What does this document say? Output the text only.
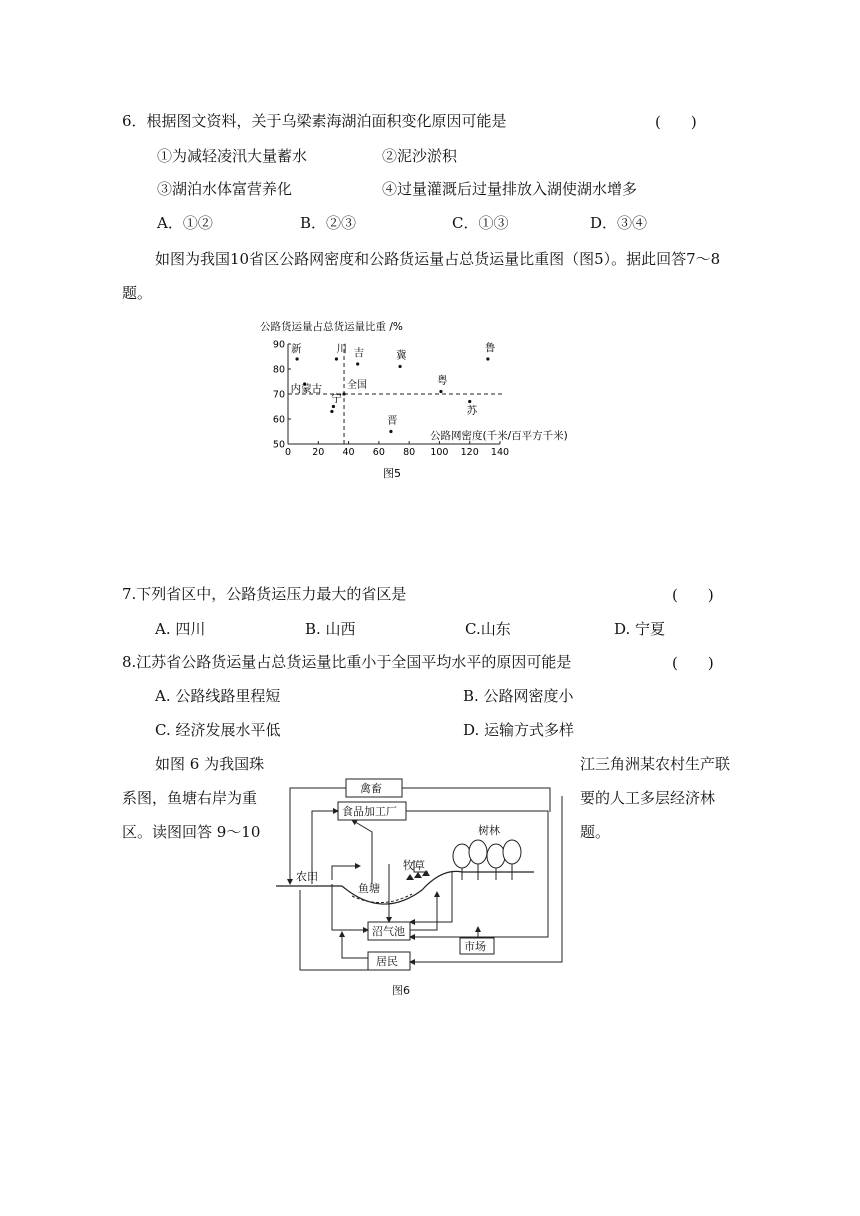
6．根据图文资料，关于乌梁素海湖泊面积变化原因可能是	(　　)
①为减轻凌汛大量蓄水	②泥沙淤积
③湖泊水体富营养化	④过量灌溉后过量排放入湖使湖水增多
A．①②	B．②③	C．①③	D．③④
如图为我国10省区公路网密度和公路货运量占总货运量比重图（图5）。据此回答7～8
题。
公路货运量占总货运量比重 /%
0 20 40 60 80 100 120 140
50
60
70
80
90
全国
新	川 吉	冀
鲁
内蒙古
宁
粤
苏
晋
公路网密度(千米/百平方千米)
图5
7.下列省区中，公路货运压力最大的省区是	(　　)
A. 四川	B. 山西	C.山东	D. 宁夏
8.江苏省公路货运量占总货运量比重小于全国平均水平的原因可能是	(　　)
A. 公路线路里程短	B. 公路网密度小
C. 经济发展水平低	D. 运输方式多样
如图 6 为我国珠	江三角洲某农村生产联
系图，鱼塘右岸为重	要的人工多层经济林
区。读图回答 9～10	题。
禽畜
食品加工厂
树林
牧草
农田
鱼塘
沼气池
市场
居民
图6
